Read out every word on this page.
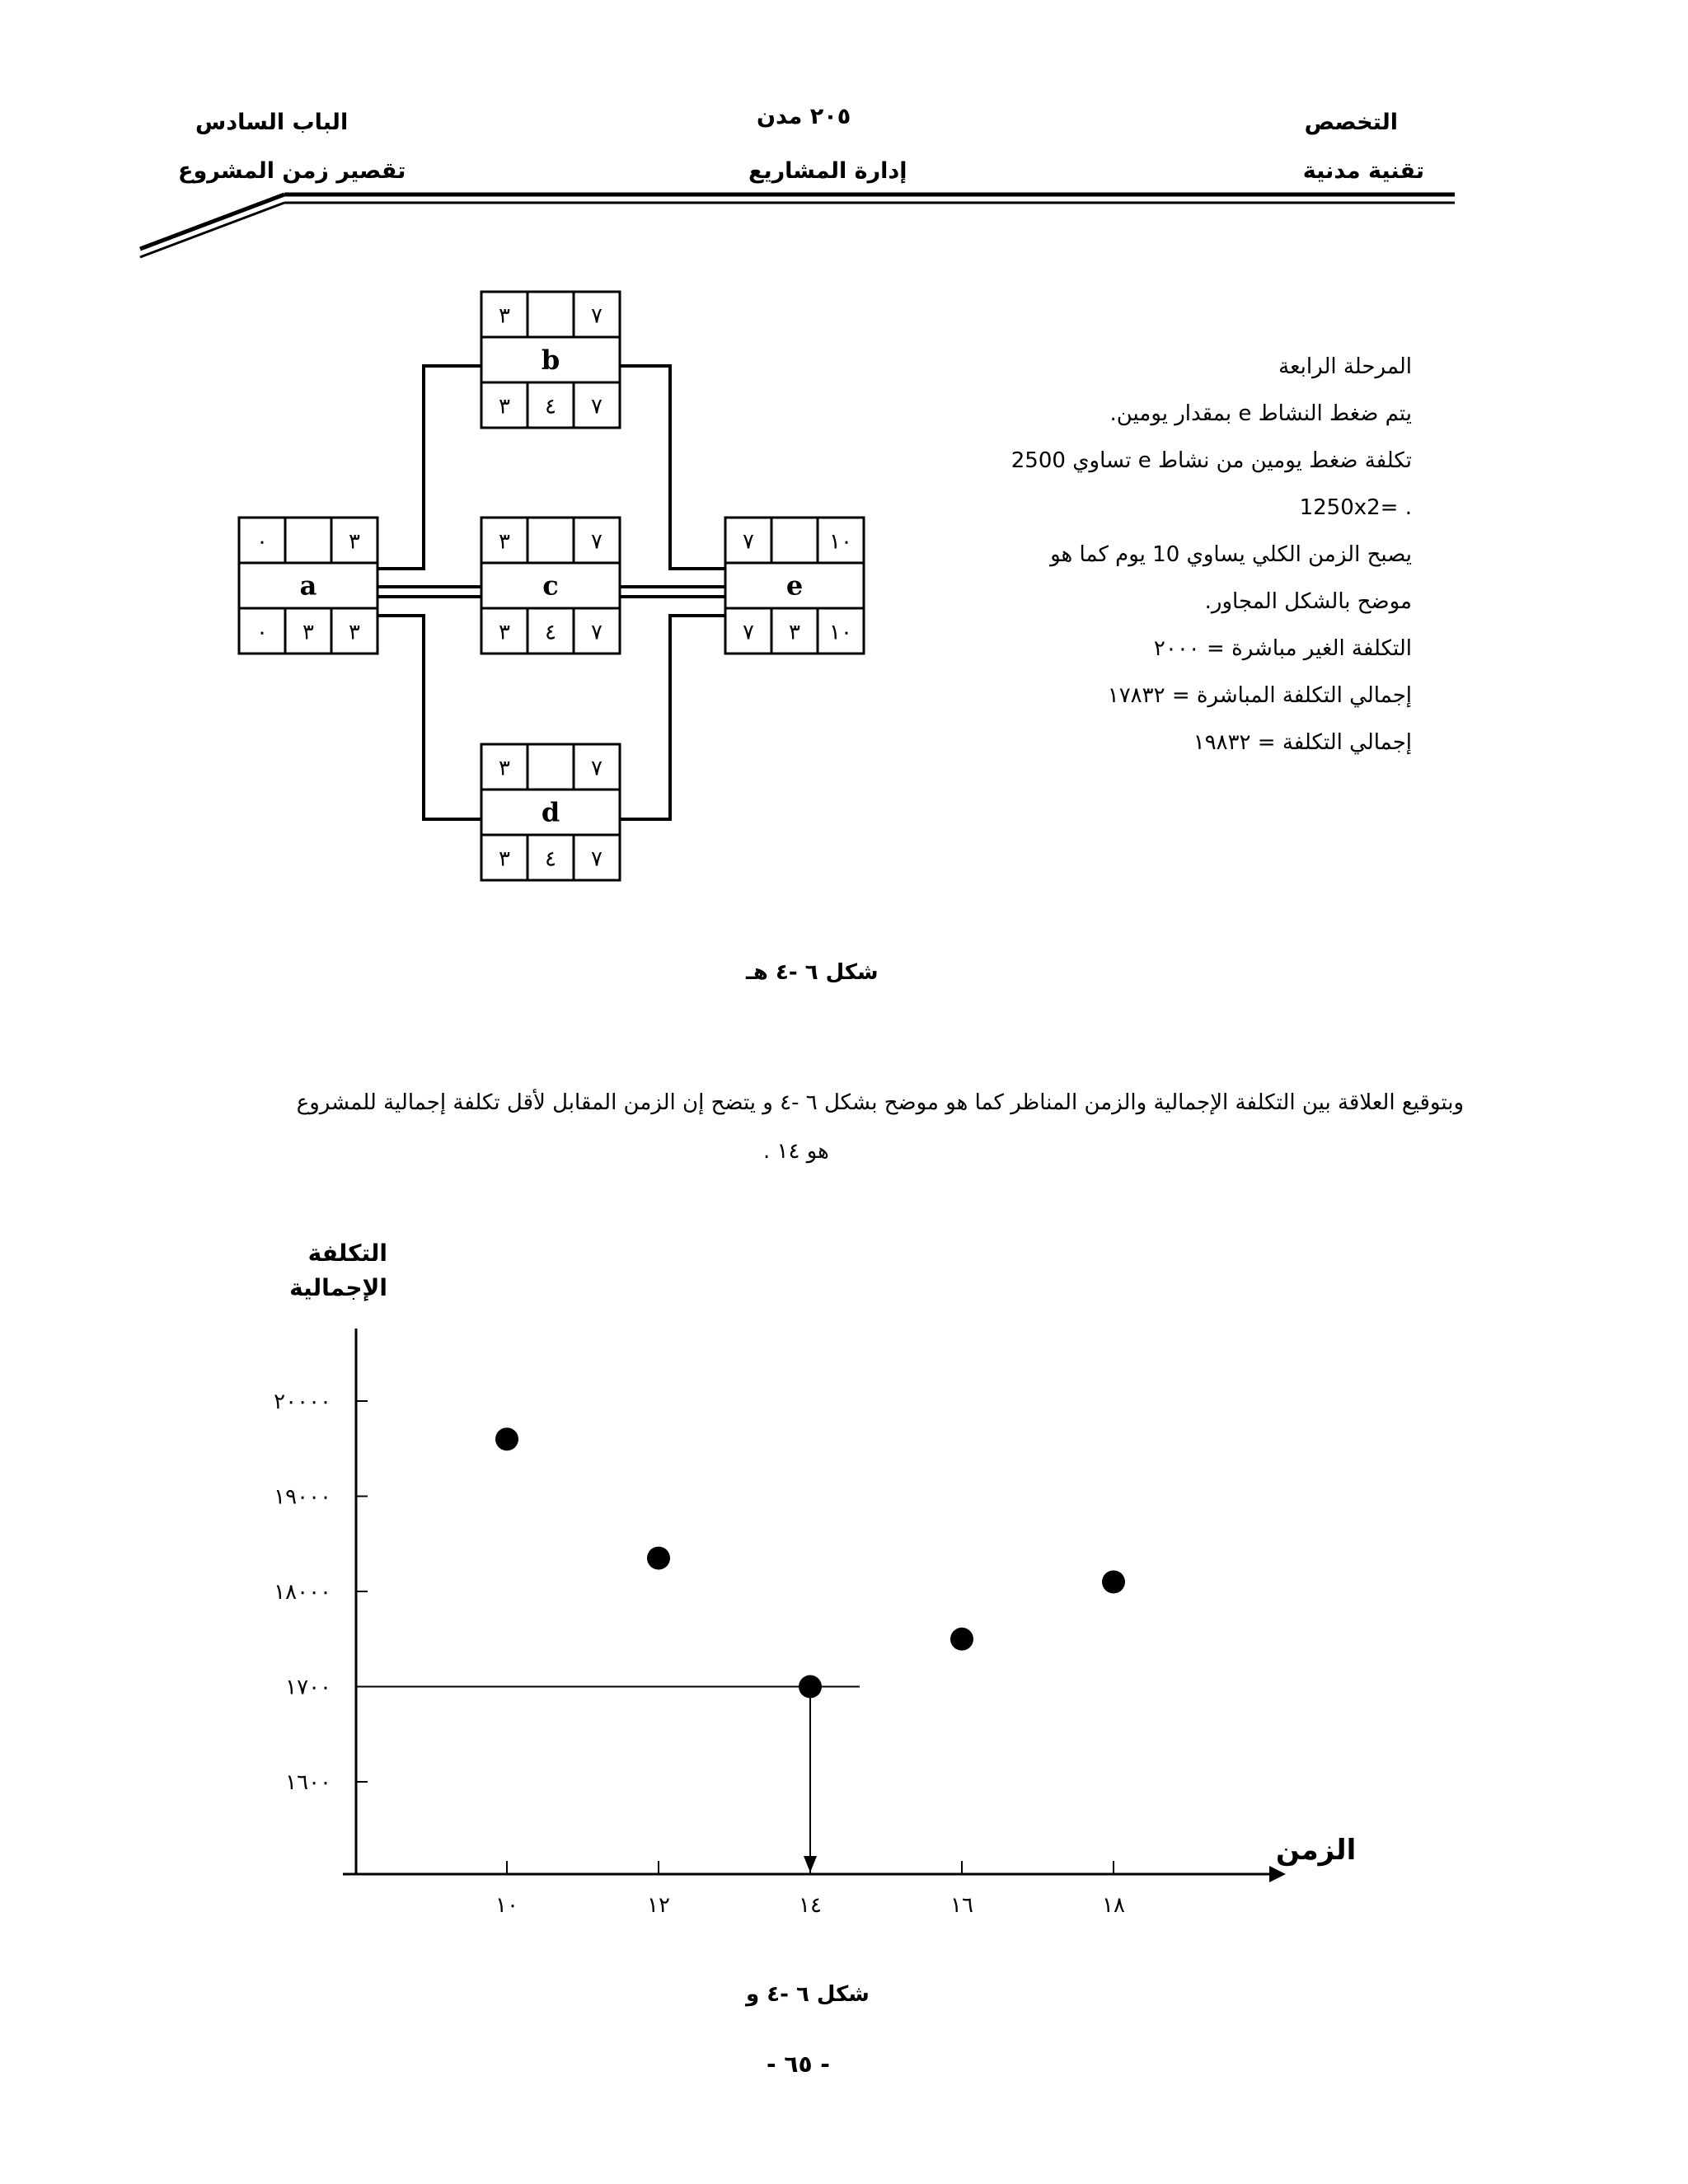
التخصص
تقنية مدنية
٢٠٥ مدن
إدارة المشاريع
الباب السادس
تقصير زمن المشروع
المرحلة الرابعة
يتم ضغط النشاط e بمقدار يومين.
تكلفة ضغط يومين من نشاط e تساوي 2500
. =1250x2
يصبح الزمن الكلي يساوي 10 يوم كما هو
موضح بالشكل المجاور.
التكلفة الغير مباشرة = ٢٠٠٠
إجمالي التكلفة المباشرة = ١٧٨٣٢
إجمالي التكلفة = ١٩٨٣٢
a
٠	٣
٠ ٣ ٣
b
٣	٧
٣ ٤ ٧
c
٣	٧
٣ ٤ ٧
d
٣	٧
٣ ٤ ٧
e
٧	١٠
٧ ٣ ١٠
شكل ٦ -٤ هـ
وبتوقيع العلاقة بين التكلفة الإجمالية والزمن المناظر كما هو موضح بشكل ٦ -٤ و يتضح إن الزمن المقابل لأقل تكلفة إجمالية للمشروع
هو ١٤ .
التكلفة الإجمالية
الزمن
١٠	١٢	١٤	١٦	١٨
٢٠٠٠٠
١٩٠٠٠
١٨٠٠٠
١٧٠٠
١٦٠٠
شكل ٦ -٤ و
- ٦٥ -
